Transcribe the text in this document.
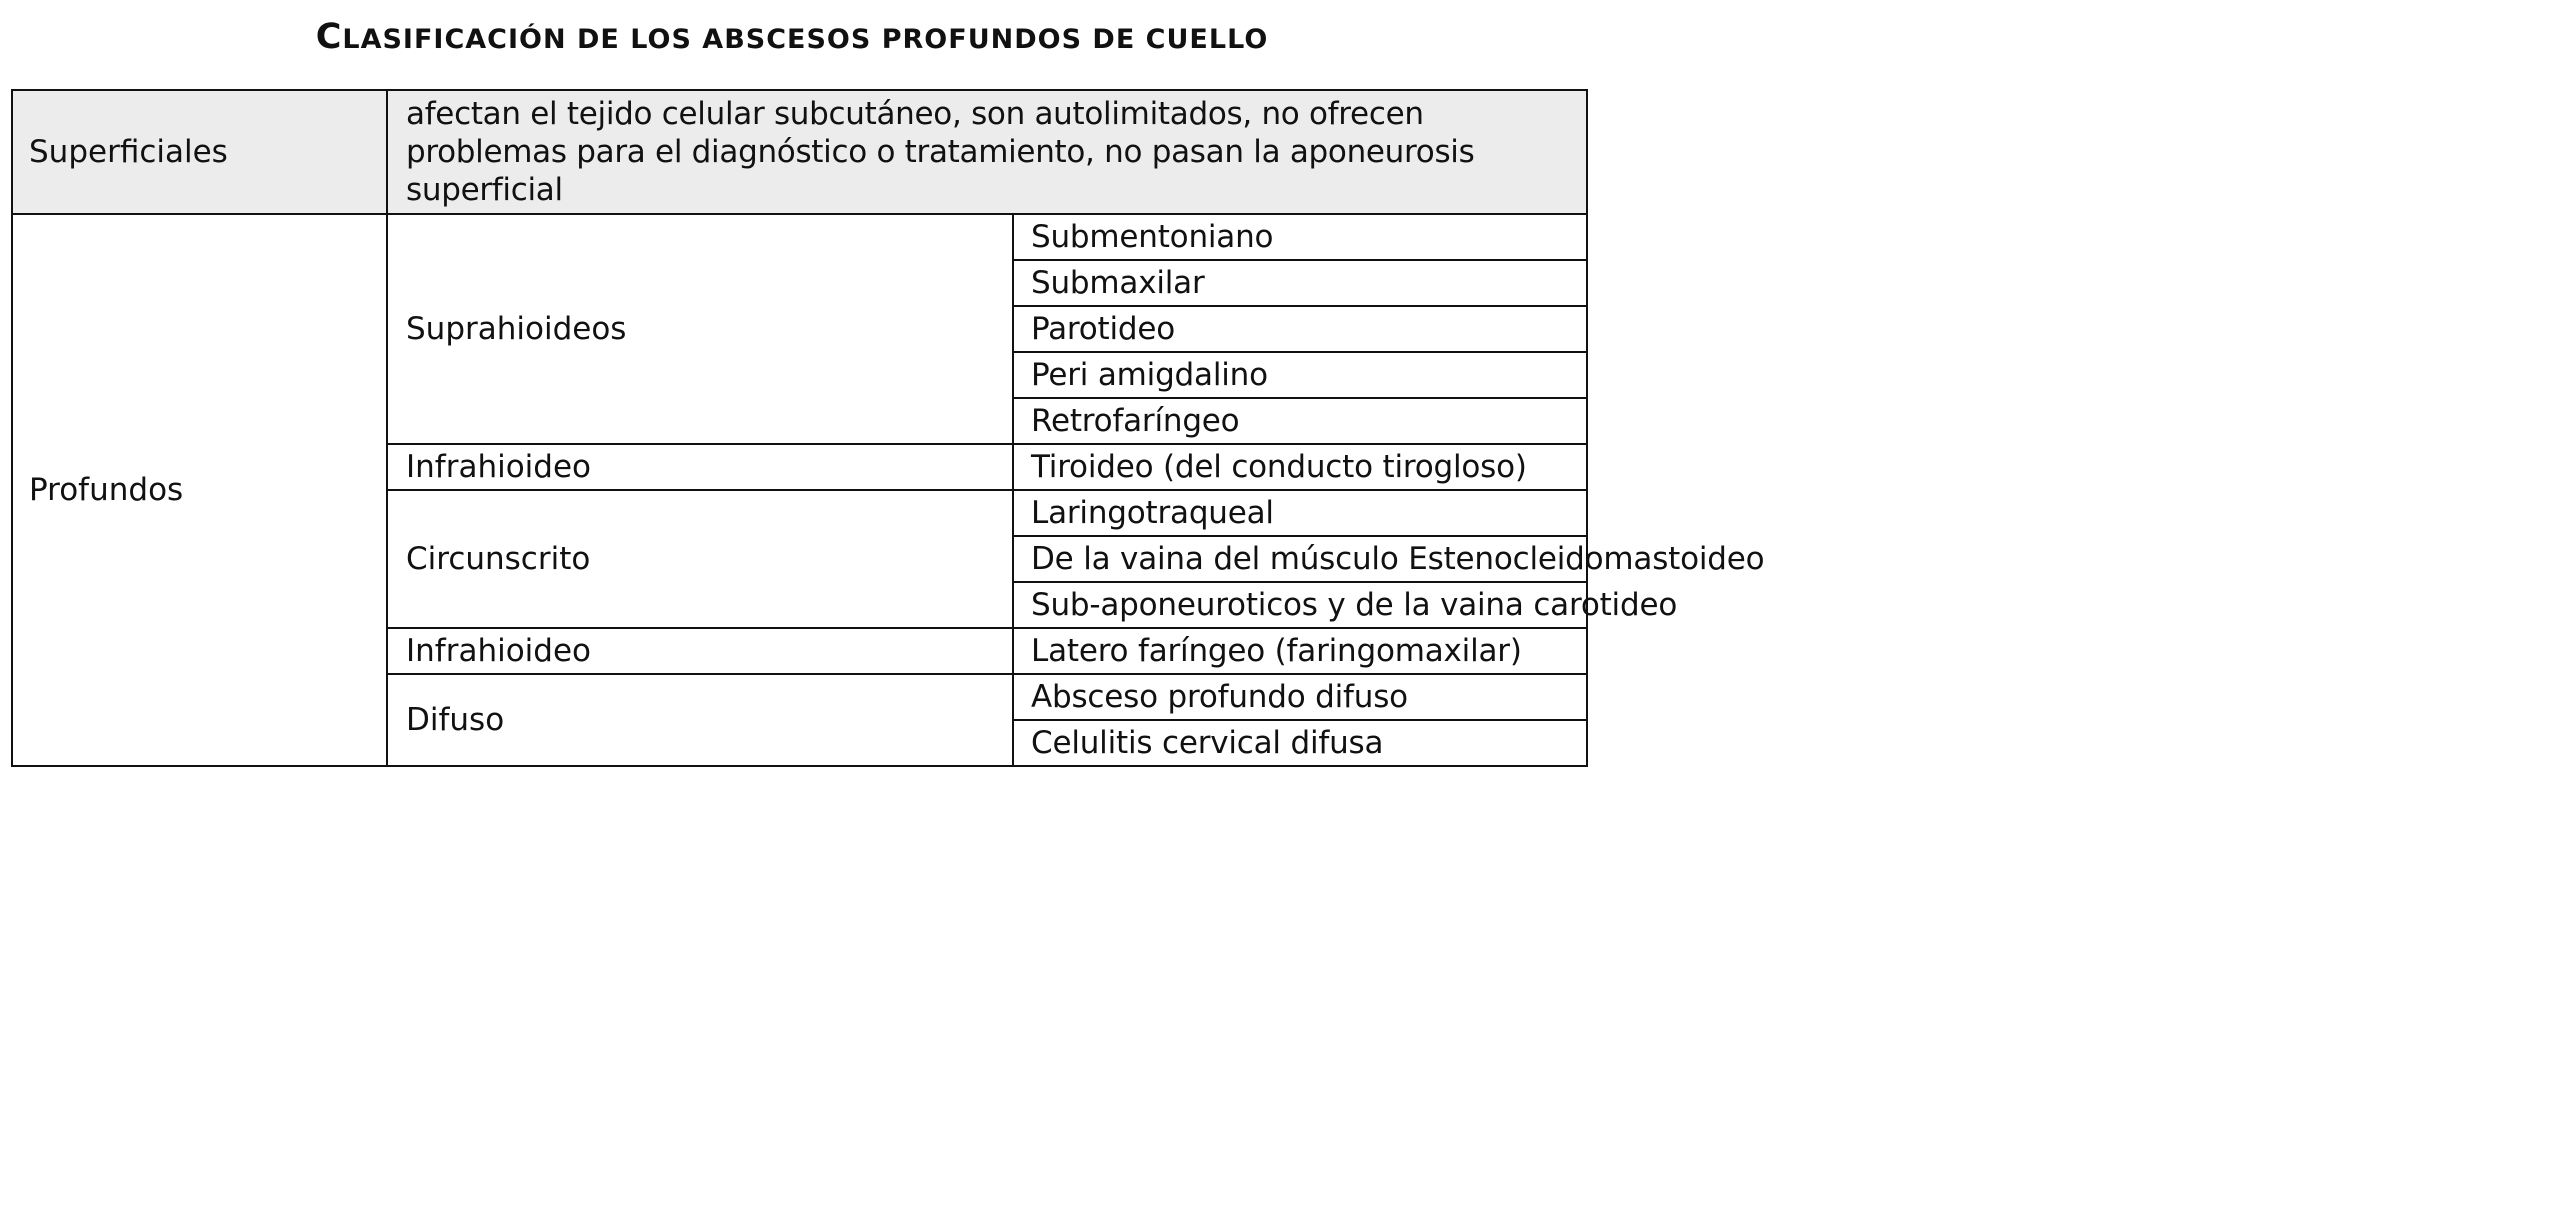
CLASIFICACIÓN DE LOS ABSCESOS PROFUNDOS DE CUELLO
Superficiales	afectan el tejido celular subcutáneo, son autolimitados, no ofrecen problemas para el diagnóstico o tratamiento, no pasan la aponeurosis superficial	
Profundos	Suprahioideos	Submentoniano
		Submaxilar
		Parotideo
		Peri amigdalino
		Retrofaríngeo
	Infrahioideo	Tiroideo (del conducto tirogloso)
	Circunscrito	Laringotraqueal
		De la vaina del músculo Estenocleidomastoideo
		Sub-aponeuroticos y de la vaina carotideo
	Infrahioideo	Latero faríngeo (faringomaxilar)
	Difuso	Absceso profundo difuso
		Celulitis cervical difusa
